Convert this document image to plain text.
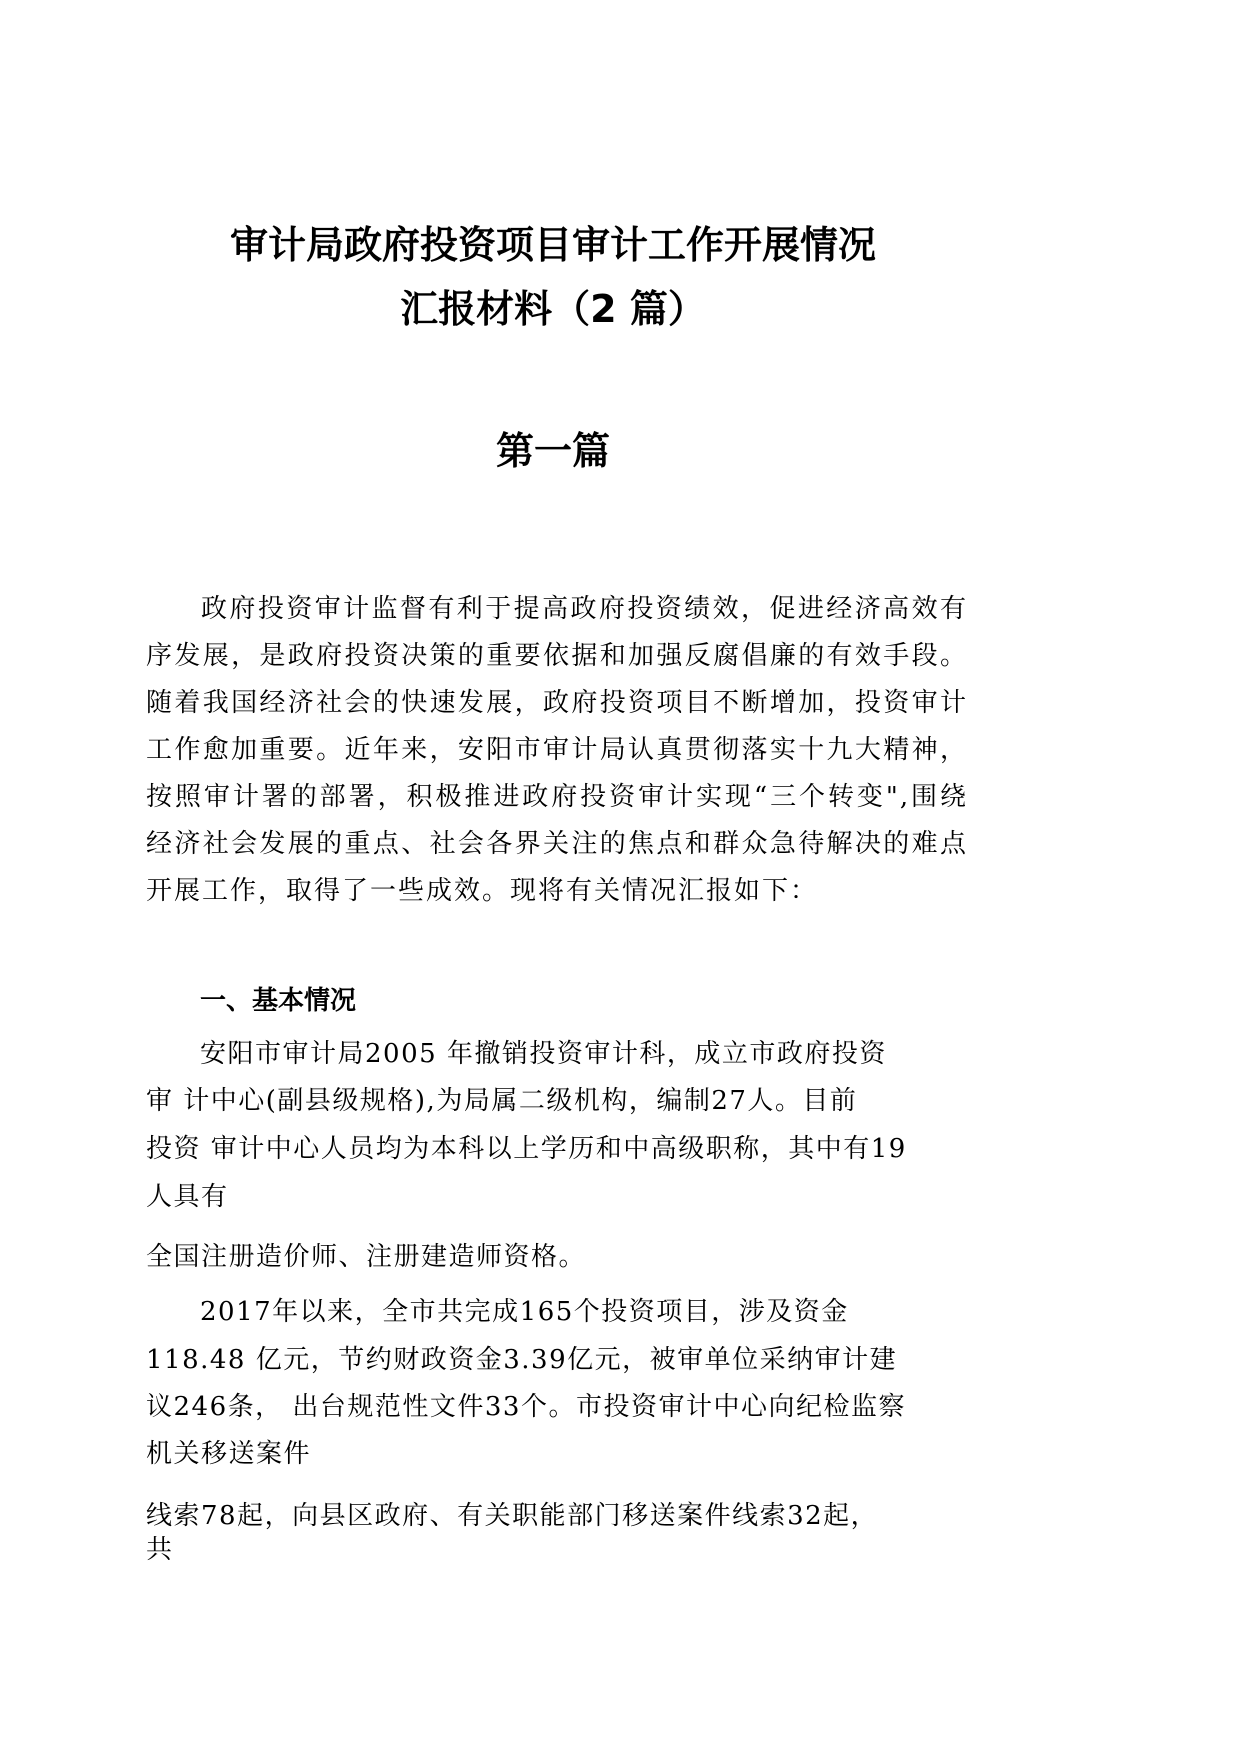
审计局政府投资项目审计工作开展情况
汇报材料（2 篇）
第一篇

政府投资审计监督有利于提高政府投资绩效，促进经济高效有序发展，是政府投资决策的重要依据和加强反腐倡廉的有效手段。随着我国经济社会的快速发展，政府投资项目不断增加，投资审计工作愈加重要。近年来，安阳市审计局认真贯彻落实十九大精神，按照审计署的部署，积极推进政府投资审计实现“三个转变",围绕经济社会发展的重点、社会各界关注的焦点和群众急待解决的难点开展工作，取得了一些成效。现将有关情况汇报如下：

一、基本情况
安阳市审计局2005 年撤销投资审计科，成立市政府投资
审 计中心(副县级规格),为局属二级机构，编制27人。目前
投资 审计中心人员均为本科以上学历和中高级职称，其中有19
人具有
全国注册造价师、注册建造师资格。
2017年以来，全市共完成165个投资项目，涉及资金
118.48 亿元，节约财政资金3.39亿元，被审单位采纳审计建
议246条， 出台规范性文件33个。市投资审计中心向纪检监察
机关移送案件
线索78起，向县区政府、有关职能部门移送案件线索32起，
共
